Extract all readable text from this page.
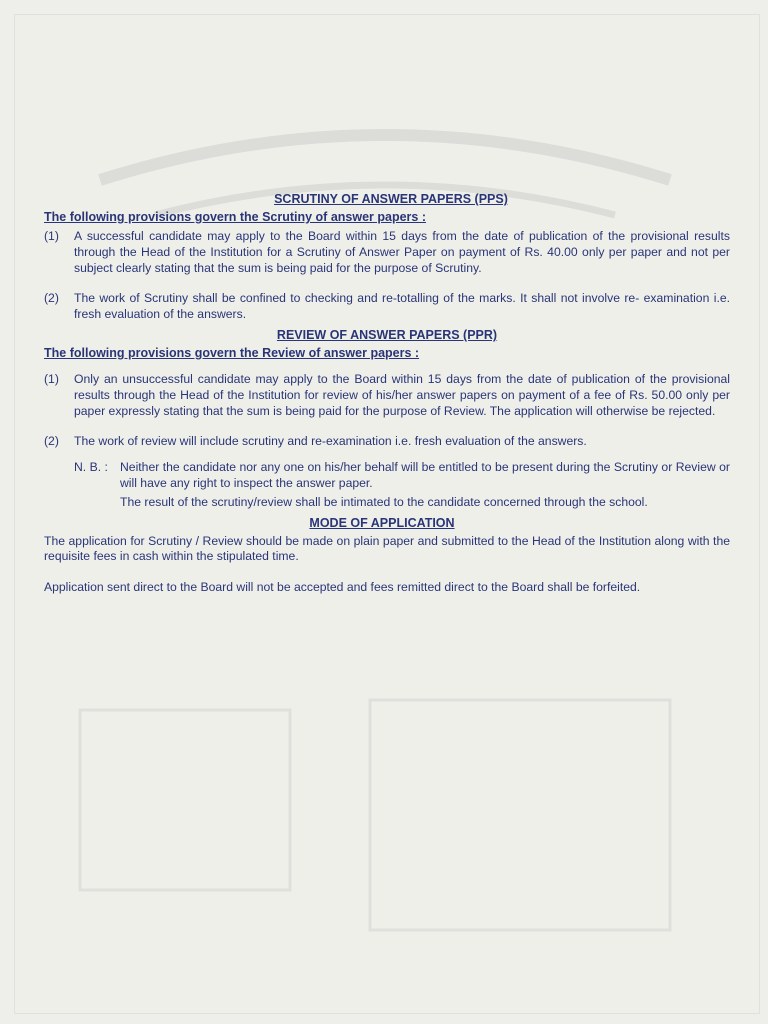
SCRUTINY OF ANSWER PAPERS (PPS)
The following provisions govern the Scrutiny of answer papers :
(1)	A successful candidate may apply to the Board within 15 days from the date of publication of the provisional results through the Head of the Institution for a Scrutiny of Answer Paper on payment of Rs. 40.00 only per paper and not per subject clearly stating that the sum is being paid for the purpose of Scrutiny.
(2)	The work of Scrutiny shall be confined to checking and re-totalling of the marks. It shall not involve re- examination i.e. fresh evaluation of the answers.
REVIEW OF ANSWER PAPERS (PPR)
The following provisions govern the Review of answer papers :
(1)	Only an unsuccessful candidate may apply to the Board within 15 days from the date of publication of the provisional results through the Head of the Institution for review of his/her answer papers on payment of a fee of Rs. 50.00 only per paper expressly stating that the sum is being paid for the purpose of Review. The application will otherwise be rejected.
(2)	The work of review will include scrutiny and re-examination i.e. fresh evaluation of the answers.
N. B. : Neither the candidate nor any one on his/her behalf will be entitled to be present during the Scrutiny or Review or will have any right to inspect the answer paper.
The result of the scrutiny/review shall be intimated to the candidate concerned through the school.
MODE OF APPLICATION
The application for Scrutiny / Review should be made on plain paper and submitted to the Head of the Institution along with the requisite fees in cash within the stipulated time.
Application sent direct to the Board will not be accepted and fees remitted direct to the Board shall be forfeited.
